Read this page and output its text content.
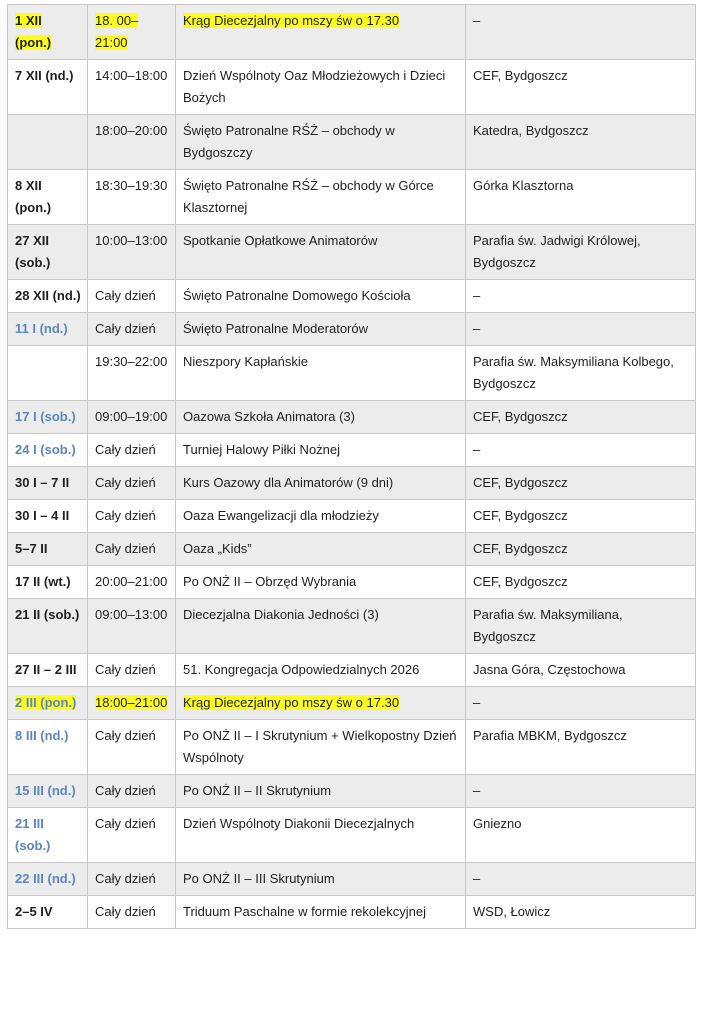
1 XII (pon.)	18. 00–21:00	Krąg Diecezjalny po mszy św o 17.30	–
7 XII (nd.)	14:00–18:00	Dzień Wspólnoty Oaz Młodzieżowych i Dzieci Bożych	CEF, Bydgoszcz
	18:00–20:00	Święto Patronalne RŚŻ – obchody w Bydgoszczy	Katedra, Bydgoszcz
8 XII (pon.)	18:30–19:30	Święto Patronalne RŚŻ – obchody w Górce Klasztornej	Górka Klasztorna
27 XII (sob.)	10:00–13:00	Spotkanie Opłatkowe Animatorów	Parafia św. Jadwigi Królowej, Bydgoszcz
28 XII (nd.)	Cały dzień	Święto Patronalne Domowego Kościoła	–
11 I (nd.)	Cały dzień	Święto Patronalne Moderatorów	–
	19:30–22:00	Nieszpory Kapłańskie	Parafia św. Maksymiliana Kolbego, Bydgoszcz
17 I (sob.)	09:00–19:00	Oazowa Szkoła Animatora (3)	CEF, Bydgoszcz
24 I (sob.)	Cały dzień	Turniej Halowy Piłki Nożnej	–
30 I – 7 II	Cały dzień	Kurs Oazowy dla Animatorów (9 dni)	CEF, Bydgoszcz
30 I – 4 II	Cały dzień	Oaza Ewangelizacji dla młodzieży	CEF, Bydgoszcz
5–7 II	Cały dzień	Oaza „Kids”	CEF, Bydgoszcz
17 II (wt.)	20:00–21:00	Po ONŻ II – Obrzęd Wybrania	CEF, Bydgoszcz
21 II (sob.)	09:00–13:00	Diecezjalna Diakonia Jedności (3)	Parafia św. Maksymiliana, Bydgoszcz
27 II – 2 III	Cały dzień	51. Kongregacja Odpowiedzialnych 2026	Jasna Góra, Częstochowa
2 III (pon.)	18:00–21:00	Krąg Diecezjalny po mszy św o 17.30	–
8 III (nd.)	Cały dzień	Po ONŻ II – I Skrutynium + Wielkopostny Dzień Wspólnoty	Parafia MBKM, Bydgoszcz
15 III (nd.)	Cały dzień	Po ONŻ II – II Skrutynium	–
21 III (sob.)	Cały dzień	Dzień Wspólnoty Diakonii Diecezjalnych	Gniezno
22 III (nd.)	Cały dzień	Po ONŻ II – III Skrutynium	–
2–5 IV	Cały dzień	Triduum Paschalne w formie rekolekcyjnej	WSD, Łowicz
